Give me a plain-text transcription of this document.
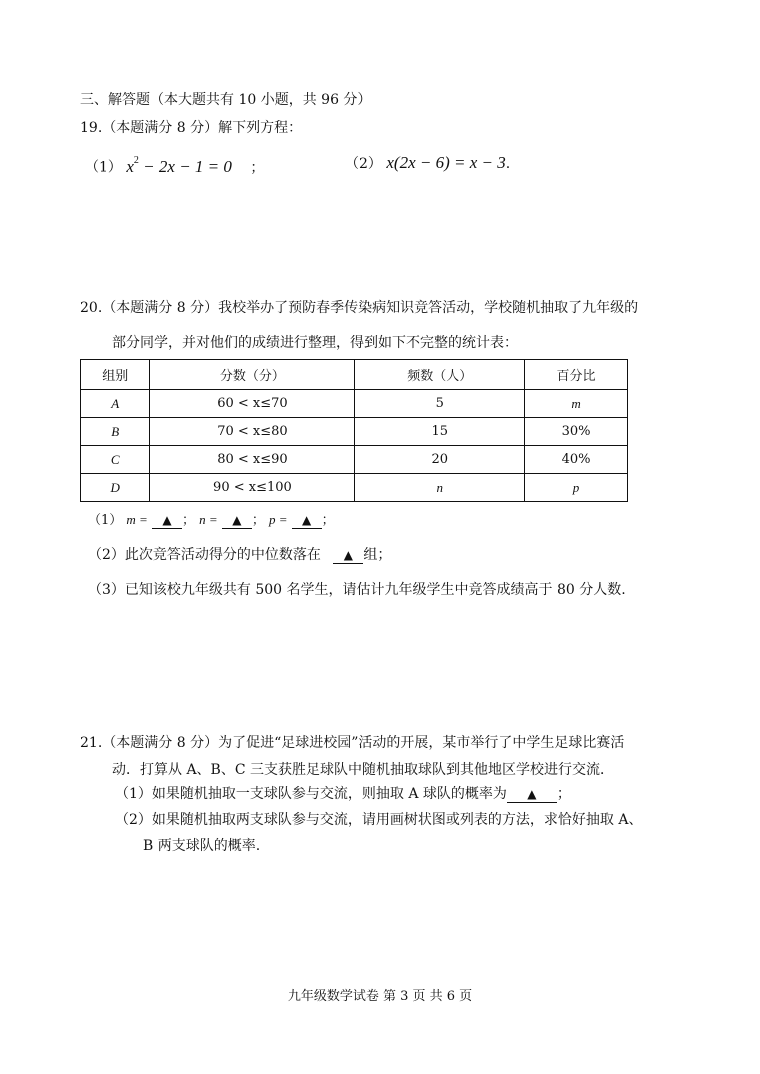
三、解答题（本大题共有 10 小题，共 96 分）
19.（本题满分 8 分）解下列方程：
（1） $x^2 - 2x - 1 = 0$ ；	（2） x(2x − 6) = x − 3.
20.（本题满分 8 分）我校举办了预防春季传染病知识竞答活动，学校随机抽取了九年级的
部分同学，并对他们的成绩进行整理，得到如下不完整的统计表：
组别	分数（分）	频数（人）	百分比
A	60 < x≤70	5	m
B	70 < x≤80	15	30%
C	80 < x≤90	20	40%
D	90 < x≤100	n	p
（1） m = ▲ ； n = ▲ ； p = ▲ ；
（2）此次竞答活动得分的中位数落在 ▲ 组；
（3）已知该校九年级共有 500 名学生，请估计九年级学生中竞答成绩高于 80 分人数.
21.（本题满分 8 分）为了促进“足球进校园”活动的开展，某市举行了中学生足球比赛活
动．打算从 A、B、C 三支获胜足球队中随机抽取球队到其他地区学校进行交流．
（1）如果随机抽取一支球队参与交流，则抽取 A 球队的概率为 ▲ ；
（2）如果随机抽取两支球队参与交流，请用画树状图或列表的方法，求恰好抽取 A、
B 两支球队的概率.
九年级数学试卷 第 3 页 共 6 页
